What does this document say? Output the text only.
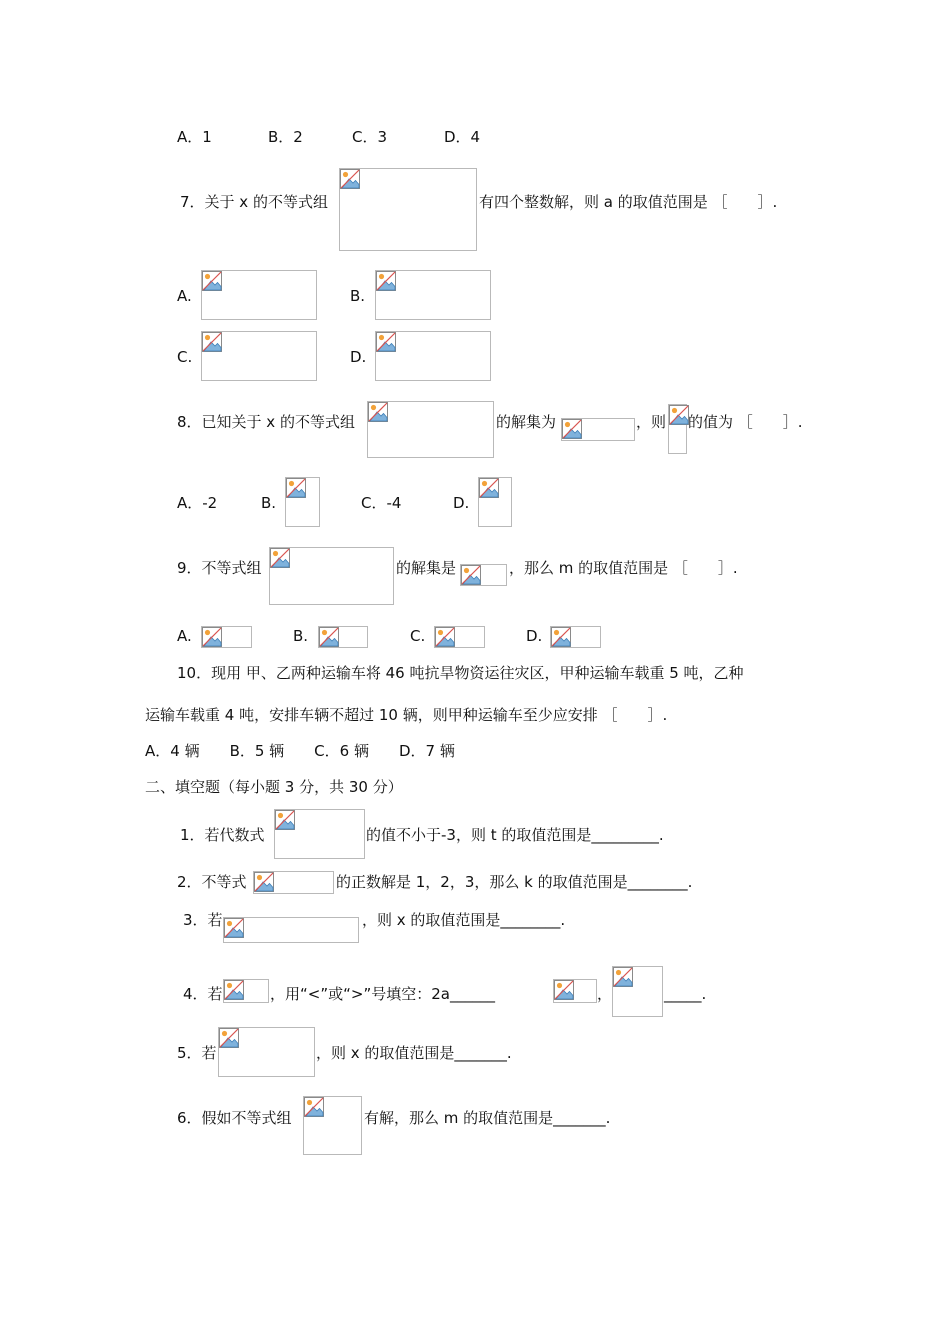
A．1	B．2	C．3	D．4
7．关于 x 的不等式组	有四个整数解，则 a 的取值范围是 ［　　］.
A.	B.
C.	D.
8．已知关于 x 的不等式组	的解集为	，则 的值为 ［　　］.
A．-2	B.	C．-4	D.
9．不等式组	的解集是	，那么 m 的取值范围是 ［　　］.
A.	B.	C.	D.
10．现用 甲、乙两种运输车将 46 吨抗旱物资运往灾区，甲种运输车载重 5 吨，乙种
运输车载重 4 吨，安排车辆不超过 10 辆，则甲种运输车至少应安排 ［　　］.
A．4 辆　　B．5 辆　　C．6 辆　　D．7 辆
二、填空题（每小题 3 分，共 30 分）
1．若代数式	的值不小于-3，则 t 的取值范围是_________.
2．不等式	的正数解是 1，2，3，那么 k 的取值范围是________.
3．若	，则 x 的取值范围是________.
4．若	，用“<”或“>”号填空：2a______	，	_____.
5．若	，则 x 的取值范围是_______.
6．假如不等式组	有解，那么 m 的取值范围是_______.
